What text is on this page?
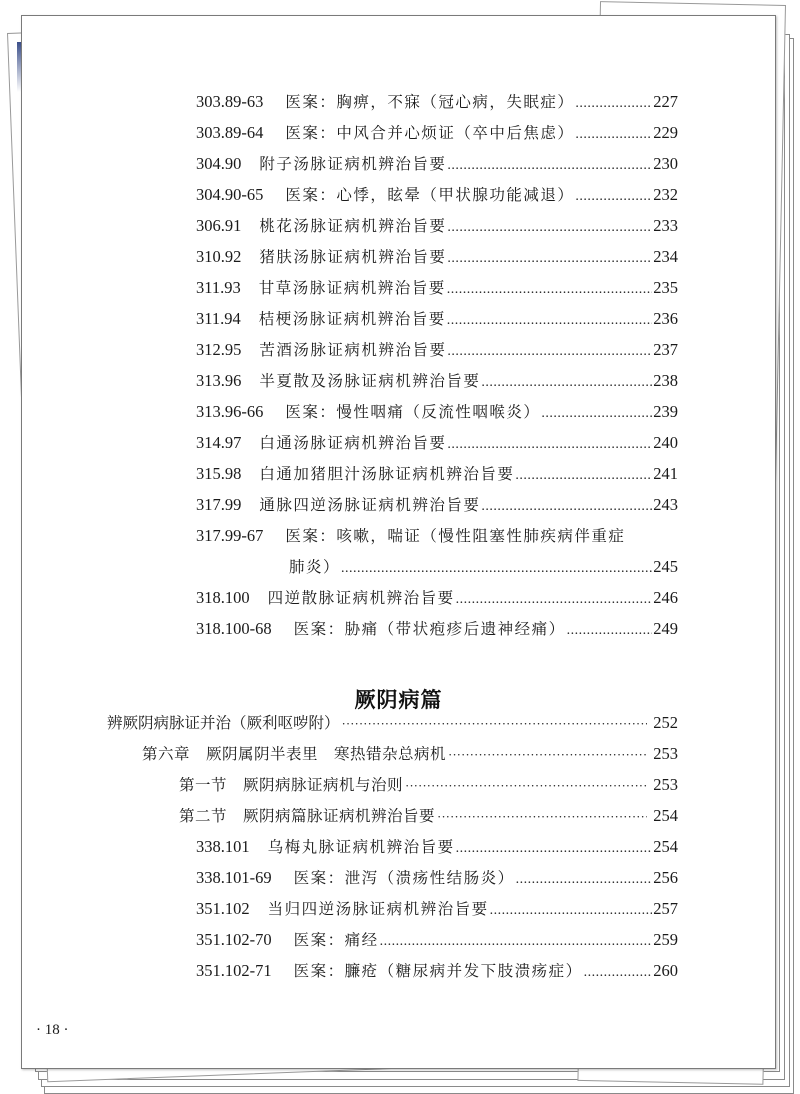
303.89-63 医案：胸痹，不寐（冠心病，失眠症） .....	227
303.89-64 医案：中风合并心烦证（卒中后焦虑） .....	229
304.90 附子汤脉证病机辨治旨要 .....	230
304.90-65 医案：心悸，眩晕（甲状腺功能减退） .....	232
306.91 桃花汤脉证病机辨治旨要 .....	233
310.92 猪肤汤脉证病机辨治旨要 .....	234
311.93 甘草汤脉证病机辨治旨要 .....	235
311.94 桔梗汤脉证病机辨治旨要 .....	236
312.95 苦酒汤脉证病机辨治旨要 .....	237
313.96 半夏散及汤脉证病机辨治旨要 .....	238
313.96-66 医案：慢性咽痛（反流性咽喉炎） .....	239
314.97 白通汤脉证病机辨治旨要 .....	240
315.98 白通加猪胆汁汤脉证病机辨治旨要 .....	241
317.99 通脉四逆汤脉证病机辨治旨要 .....	243
317.99-67 医案：咳嗽，喘证（慢性阻塞性肺疾病伴重症
肺炎） .....	245
318.100 四逆散脉证病机辨治旨要 .....	246
318.100-68 医案：胁痛（带状疱疹后遗神经痛） .....	249
厥阴病篇
辨厥阴病脉证并治（厥利呕哕附） ·····	252
第六章　厥阴属阴半表里　寒热错杂总病机 ·····	253
第一节　厥阴病脉证病机与治则 ·····	253
第二节　厥阴病篇脉证病机辨治旨要 ·····	254
338.101 乌梅丸脉证病机辨治旨要 .....	254
338.101-69 医案：泄泻（溃疡性结肠炎） .....	256
351.102 当归四逆汤脉证病机辨治旨要 .....	257
351.102-70 医案：痛经 .....	259
351.102-71 医案：臁疮（糖尿病并发下肢溃疡症） .....	260
· 18 ·
